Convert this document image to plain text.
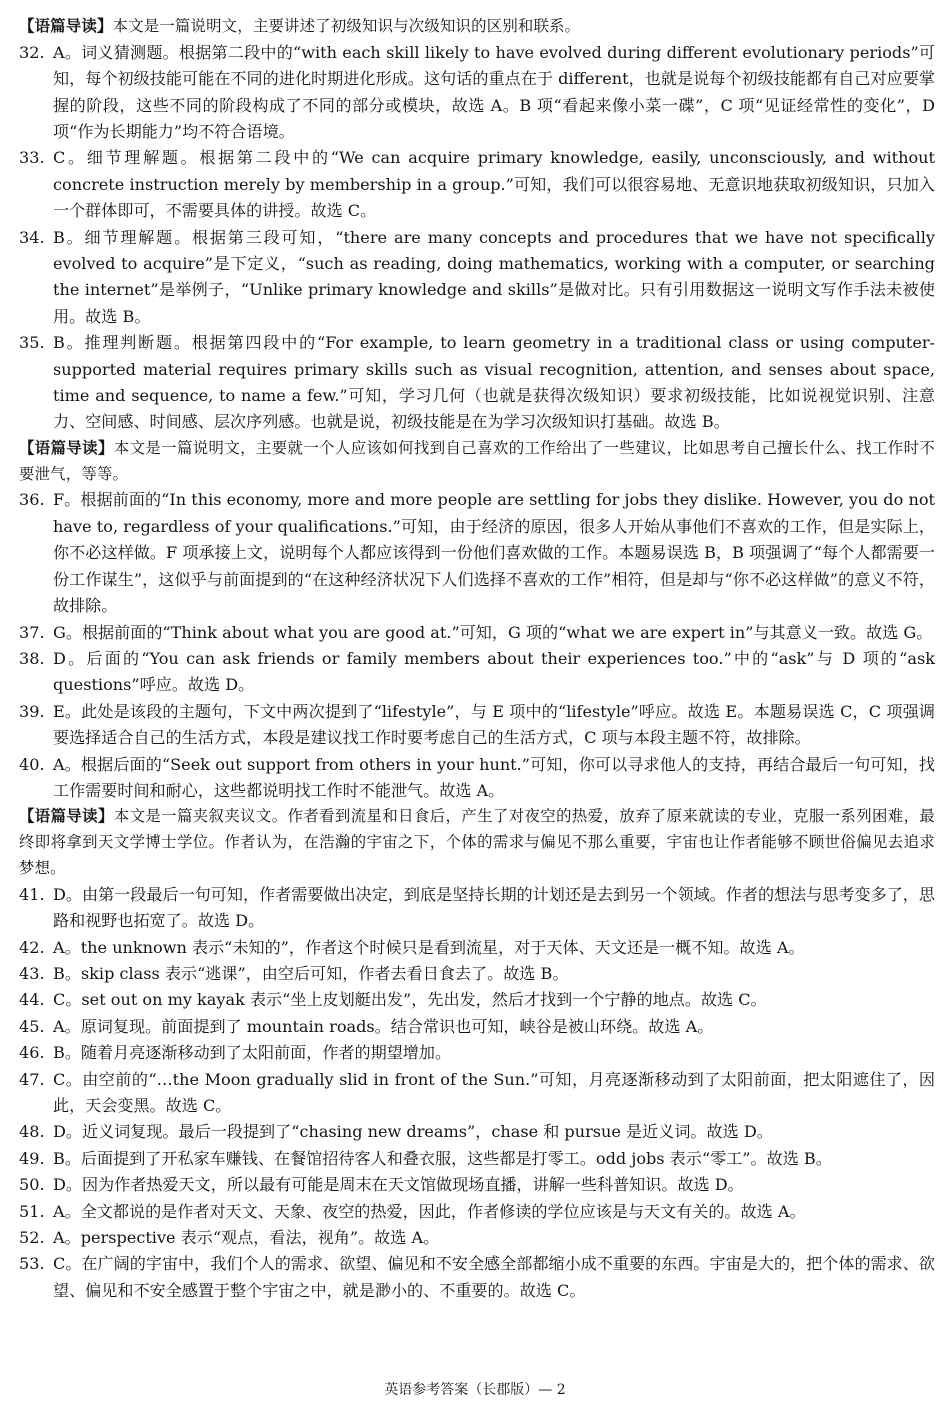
【语篇导读】本文是一篇说明文，主要讲述了初级知识与次级知识的区别和联系。

32. A。词义猜测题。根据第二段中的“with each skill likely to have evolved during different evolutionary periods”可知，每个初级技能可能在不同的进化时期进化形成。这句话的重点在于 different，也就是说每个初级技能都有自己对应要掌握的阶段，这些不同的阶段构成了不同的部分或模块，故选 A。B 项“看起来像小菜一碟”，C 项“见证经常性的变化”，D 项“作为长期能力”均不符合语境。
33. C。细节理解题。根据第二段中的“We can acquire primary knowledge, easily, unconsciously, and without concrete instruction merely by membership in a group.”可知，我们可以很容易地、无意识地获取初级知识，只加入一个群体即可，不需要具体的讲授。故选 C。
34. B。细节理解题。根据第三段可知，“there are many concepts and procedures that we have not specifically evolved to acquire”是下定义，“such as reading, doing mathematics, working with a computer, or searching the internet”是举例子，“Unlike primary knowledge and skills”是做对比。只有引用数据这一说明文写作手法未被使用。故选 B。
35. B。推理判断题。根据第四段中的“For example, to learn geometry in a traditional class or using computer-supported material requires primary skills such as visual recognition, attention, and senses about space, time and sequence, to name a few.”可知，学习几何（也就是获得次级知识）要求初级技能，比如说视觉识别、注意力、空间感、时间感、层次序列感。也就是说，初级技能是在为学习次级知识打基础。故选 B。

【语篇导读】本文是一篇说明文，主要就一个人应该如何找到自己喜欢的工作给出了一些建议，比如思考自己擅长什么、找工作时不要泄气，等等。

36. F。根据前面的“In this economy, more and more people are settling for jobs they dislike. However, you do not have to, regardless of your qualifications.”可知，由于经济的原因，很多人开始从事他们不喜欢的工作，但是实际上，你不必这样做。F 项承接上文，说明每个人都应该得到一份他们喜欢做的工作。本题易误选 B，B 项强调了“每个人都需要一份工作谋生”，这似乎与前面提到的“在这种经济状况下人们选择不喜欢的工作”相符，但是却与“你不必这样做”的意义不符，故排除。
37. G。根据前面的“Think about what you are good at.”可知，G 项的“what we are expert in”与其意义一致。故选 G。
38. D。后面的“You can ask friends or family members about their experiences too.”中的“ask”与 D 项的“ask questions”呼应。故选 D。
39. E。此处是该段的主题句，下文中两次提到了“lifestyle”，与 E 项中的“lifestyle”呼应。故选 E。本题易误选 C，C 项强调要选择适合自己的生活方式，本段是建议找工作时要考虑自己的生活方式，C 项与本段主题不符，故排除。
40. A。根据后面的“Seek out support from others in your hunt.”可知，你可以寻求他人的支持，再结合最后一句可知，找工作需要时间和耐心，这些都说明找工作时不能泄气。故选 A。

【语篇导读】本文是一篇夹叙夹议文。作者看到流星和日食后，产生了对夜空的热爱，放弃了原来就读的专业，克服一系列困难，最终即将拿到天文学博士学位。作者认为，在浩瀚的宇宙之下，个体的需求与偏见不那么重要，宇宙也让作者能够不顾世俗偏见去追求梦想。

41. D。由第一段最后一句可知，作者需要做出决定，到底是坚持长期的计划还是去到另一个领域。作者的想法与思考变多了，思路和视野也拓宽了。故选 D。
42. A。the unknown 表示“未知的”，作者这个时候只是看到流星，对于天体、天文还是一概不知。故选 A。
43. B。skip class 表示“逃课”，由空后可知，作者去看日食去了。故选 B。
44. C。set out on my kayak 表示“坐上皮划艇出发”，先出发，然后才找到一个宁静的地点。故选 C。
45. A。原词复现。前面提到了 mountain roads。结合常识也可知，峡谷是被山环绕。故选 A。
46. B。随着月亮逐渐移动到了太阳前面，作者的期望增加。
47. C。由空前的“…the Moon gradually slid in front of the Sun.”可知，月亮逐渐移动到了太阳前面，把太阳遮住了，因此，天会变黑。故选 C。
48. D。近义词复现。最后一段提到了“chasing new dreams”，chase 和 pursue 是近义词。故选 D。
49. B。后面提到了开私家车赚钱、在餐馆招待客人和叠衣服，这些都是打零工。odd jobs 表示“零工”。故选 B。
50. D。因为作者热爱天文，所以最有可能是周末在天文馆做现场直播，讲解一些科普知识。故选 D。
51. A。全文都说的是作者对天文、天象、夜空的热爱，因此，作者修读的学位应该是与天文有关的。故选 A。
52. A。perspective 表示“观点，看法，视角”。故选 A。
53. C。在广阔的宇宙中，我们个人的需求、欲望、偏见和不安全感全部都缩小成不重要的东西。宇宙是大的，把个体的需求、欲望、偏见和不安全感置于整个宇宙之中，就是渺小的、不重要的。故选 C。
英语参考答案（长郡版）— 2
